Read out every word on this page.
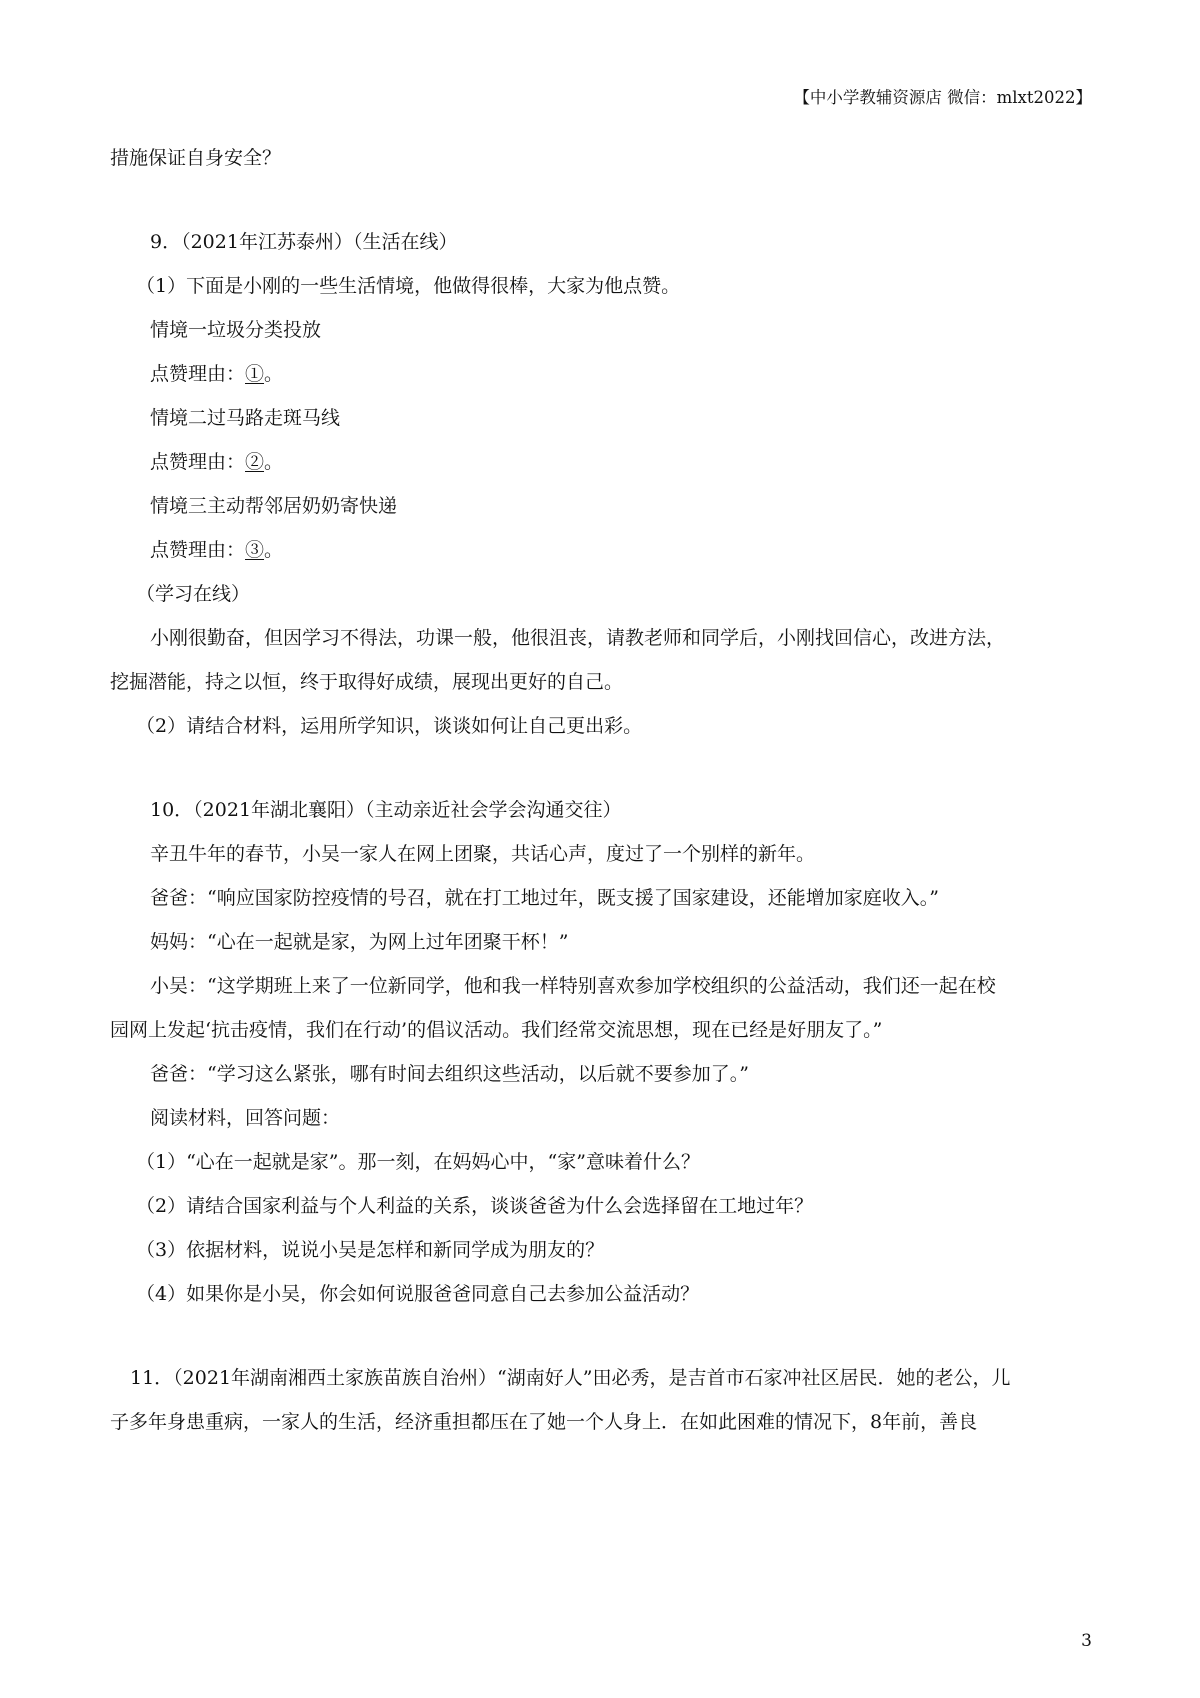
【中小学教辅资源店 微信：mlxt2022】
措施保证自身安全？
9．（2021年江苏泰州）（生活在线）
（1）下面是小刚的一些生活情境，他做得很棒，大家为他点赞。
情境一垃圾分类投放
点赞理由：①。
情境二过马路走斑马线
点赞理由：②。
情境三主动帮邻居奶奶寄快递
点赞理由：③。
（学习在线）
小刚很勤奋，但因学习不得法，功课一般，他很沮丧，请教老师和同学后，小刚找回信心，改进方法，
挖掘潜能，持之以恒，终于取得好成绩，展现出更好的自己。
（2）请结合材料，运用所学知识，谈谈如何让自己更出彩。
10．（2021年湖北襄阳）（主动亲近社会学会沟通交往）
辛丑牛年的春节，小吴一家人在网上团聚，共话心声，度过了一个别样的新年。
爸爸：“响应国家防控疫情的号召，就在打工地过年，既支援了国家建设，还能增加家庭收入。”
妈妈：“心在一起就是家，为网上过年团聚干杯！”
小吴：“这学期班上来了一位新同学，他和我一样特别喜欢参加学校组织的公益活动，我们还一起在校
园网上发起‘抗击疫情，我们在行动’的倡议活动。我们经常交流思想，现在已经是好朋友了。”
爸爸：“学习这么紧张，哪有时间去组织这些活动，以后就不要参加了。”
阅读材料，回答问题：
（1）“心在一起就是家”。那一刻，在妈妈心中，“家”意味着什么？
（2）请结合国家利益与个人利益的关系，谈谈爸爸为什么会选择留在工地过年？
（3）依据材料，说说小吴是怎样和新同学成为朋友的？
（4）如果你是小吴，你会如何说服爸爸同意自己去参加公益活动？
11．（2021年湖南湘西土家族苗族自治州）“湖南好人”田必秀，是吉首市石家冲社区居民．她的老公，儿
子多年身患重病，一家人的生活，经济重担都压在了她一个人身上．在如此困难的情况下，8年前，善良
3
